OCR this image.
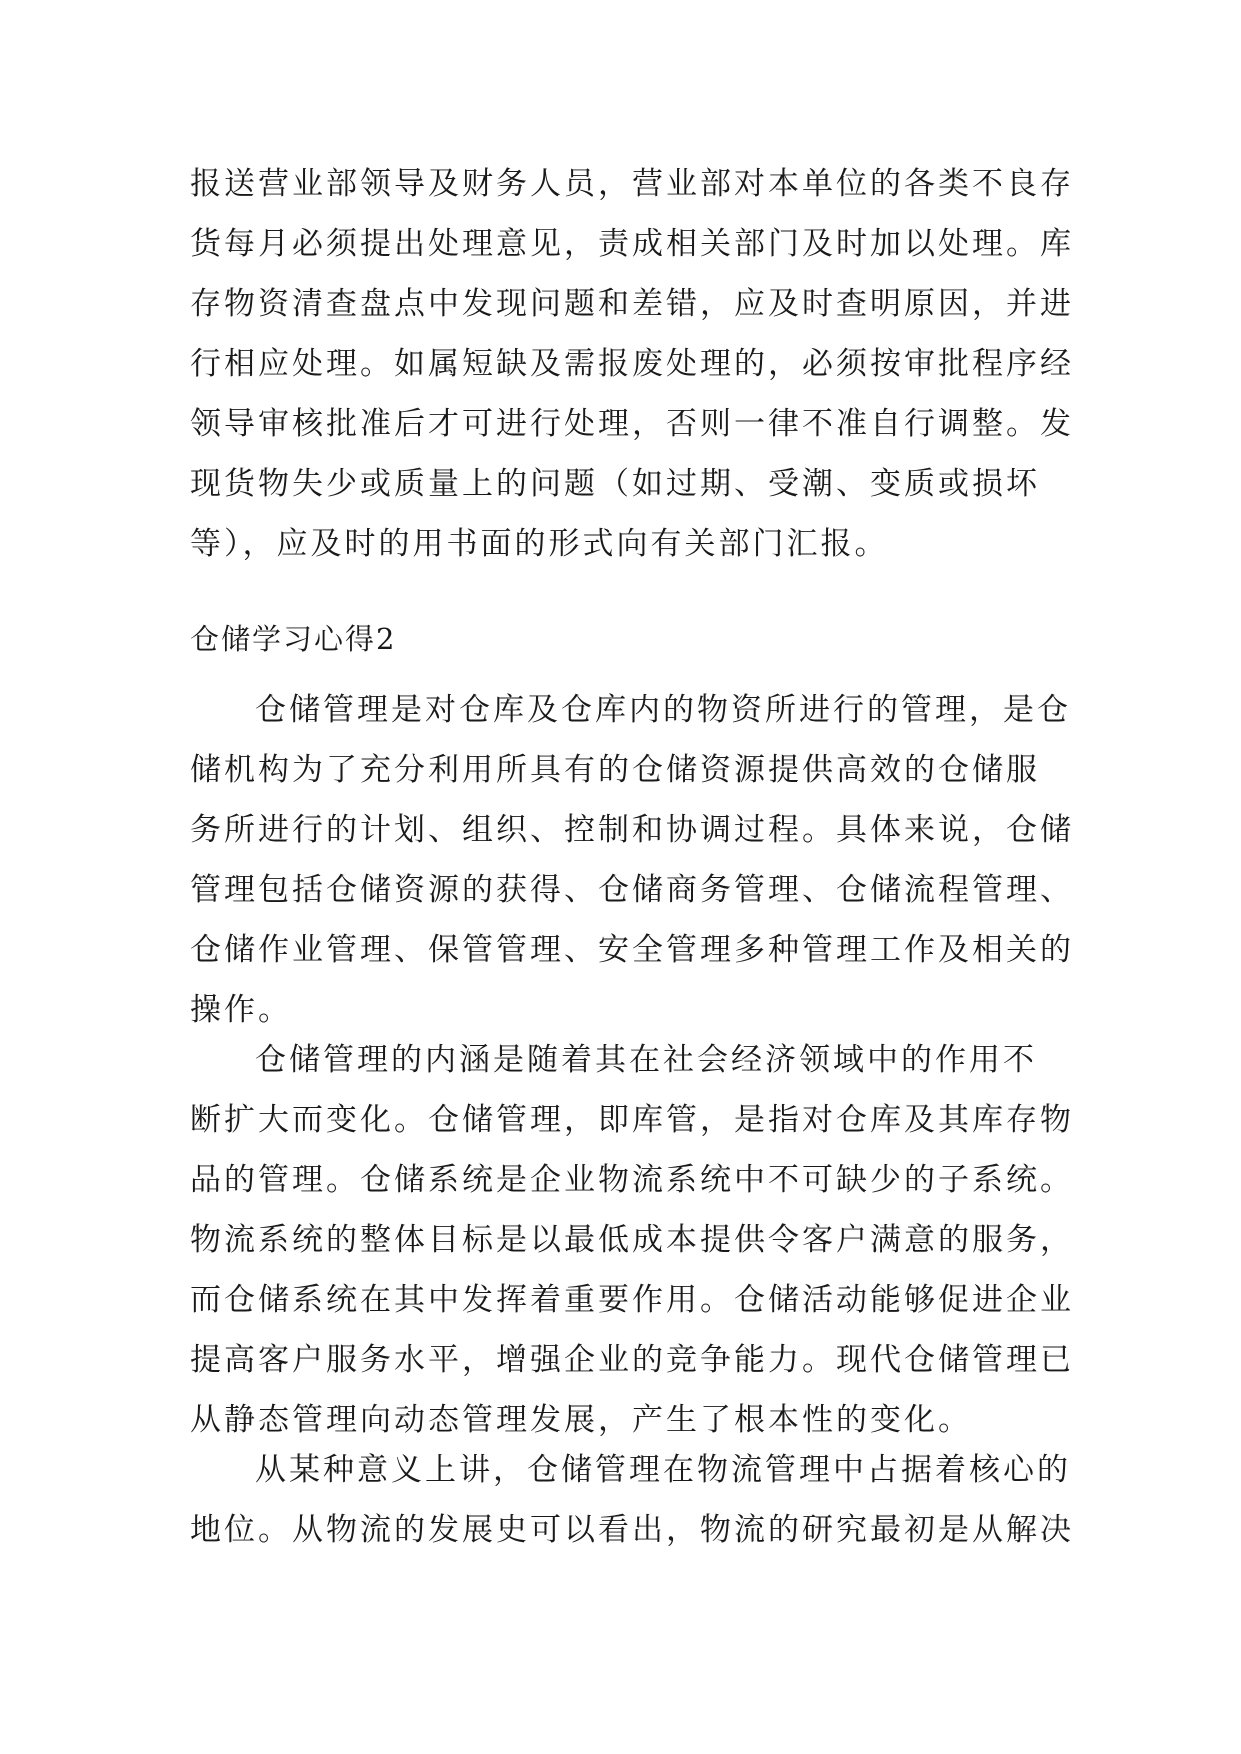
报送营业部领导及财务人员，营业部对本单位的各类不良存
货每月必须提出处理意见，责成相关部门及时加以处理。库
存物资清查盘点中发现问题和差错，应及时查明原因，并进
行相应处理。如属短缺及需报废处理的，必须按审批程序经
领导审核批准后才可进行处理，否则一律不准自行调整。发
现货物失少或质量上的问题（如过期、受潮、变质或损坏
等），应及时的用书面的形式向有关部门汇报。
仓储学习心得2
仓储管理是对仓库及仓库内的物资所进行的管理，是仓
储机构为了充分利用所具有的仓储资源提供高效的仓储服
务所进行的计划、组织、控制和协调过程。具体来说，仓储
管理包括仓储资源的获得、仓储商务管理、仓储流程管理、
仓储作业管理、保管管理、安全管理多种管理工作及相关的
操作。
仓储管理的内涵是随着其在社会经济领域中的作用不
断扩大而变化。仓储管理，即库管，是指对仓库及其库存物
品的管理。仓储系统是企业物流系统中不可缺少的子系统。
物流系统的整体目标是以最低成本提供令客户满意的服务，
而仓储系统在其中发挥着重要作用。仓储活动能够促进企业
提高客户服务水平，增强企业的竞争能力。现代仓储管理已
从静态管理向动态管理发展，产生了根本性的变化。
从某种意义上讲，仓储管理在物流管理中占据着核心的
地位。从物流的发展史可以看出，物流的研究最初是从解决
